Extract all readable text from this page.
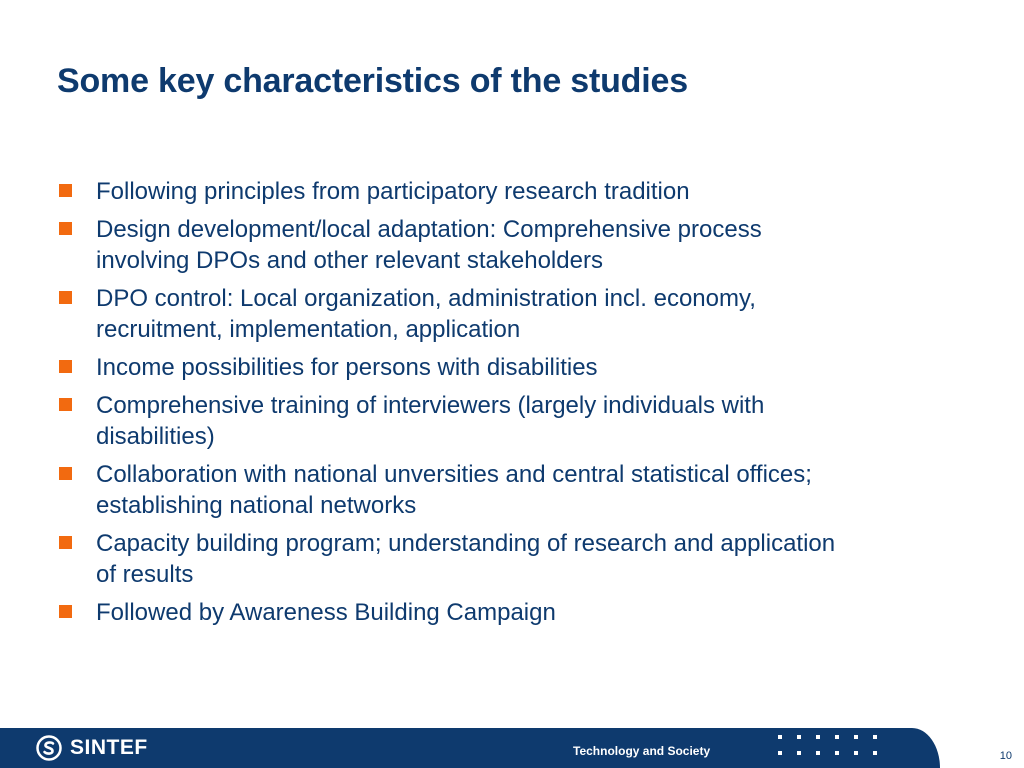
Some key characteristics of the studies
Following principles from participatory research tradition
Design development/local adaptation: Comprehensive process
involving DPOs and other relevant stakeholders
DPO control: Local organization, administration incl. economy,
recruitment, implementation, application
Income possibilities for persons with disabilities
Comprehensive training of interviewers (largely individuals with
disabilities)
Collaboration with national unversities and central statistical offices;
establishing national networks
Capacity building program; understanding of research and application
of results
Followed by Awareness Building Campaign
SINTEF	Technology and Society	10
